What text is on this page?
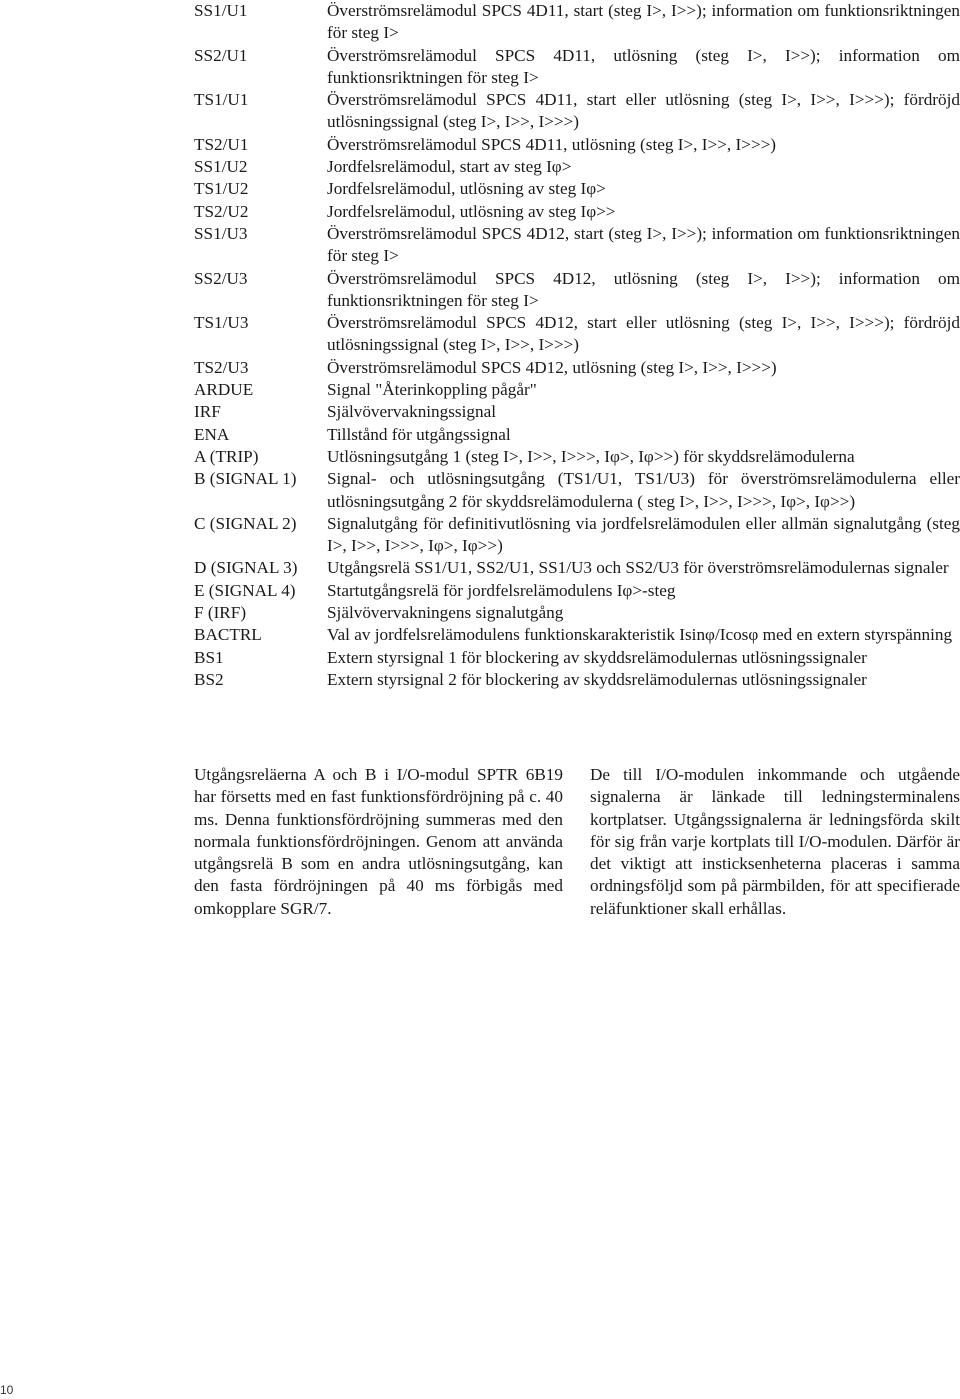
SS1/U1	Överströmsrelämodul SPCS 4D11, start (steg I>, I>>); information om funktionsriktningen för steg I>
SS2/U1	Överströmsrelämodul SPCS 4D11, utlösning (steg I>, I>>); information om funktionsriktningen för steg I>
TS1/U1	Överströmsrelämodul SPCS 4D11, start eller utlösning (steg I>, I>>, I>>>); fördröjd utlösningssignal (steg I>, I>>, I>>>)
TS2/U1	Överströmsrelämodul SPCS 4D11, utlösning (steg I>, I>>, I>>>)
SS1/U2	Jordfelsrelämodul, start av steg Iφ>
TS1/U2	Jordfelsrelämodul, utlösning av steg Iφ>
TS2/U2	Jordfelsrelämodul, utlösning av steg Iφ>>
SS1/U3	Överströmsrelämodul SPCS 4D12, start (steg I>, I>>); information om funktionsriktningen för steg I>
SS2/U3	Överströmsrelämodul SPCS 4D12, utlösning (steg I>, I>>); information om funktionsriktningen för steg I>
TS1/U3	Överströmsrelämodul SPCS 4D12, start eller utlösning (steg I>, I>>, I>>>); fördröjd utlösningssignal (steg I>, I>>, I>>>)
TS2/U3	Överströmsrelämodul SPCS 4D12, utlösning (steg I>, I>>, I>>>)
ARDUE	Signal "Återinkoppling pågår"
IRF	Självövervakningssignal
ENA	Tillstånd för utgångssignal
A (TRIP)	Utlösningsutgång 1 (steg I>, I>>, I>>>, Iφ>, Iφ>>) för skyddsrelämodulerna
B (SIGNAL 1)	Signal- och utlösningsutgång (TS1/U1, TS1/U3) för överströmsrelämodulerna eller utlösningsutgång 2 för skyddsrelämodulerna ( steg I>, I>>, I>>>, Iφ>, Iφ>>)
C (SIGNAL 2)	Signalutgång för definitivutlösning via jordfelsrelämodulen eller allmän signalutgång (steg I>, I>>, I>>>, Iφ>, Iφ>>)
D (SIGNAL 3)	Utgångsrelä SS1/U1, SS2/U1, SS1/U3 och SS2/U3 för överströmsrelämodulernas signaler
E (SIGNAL 4)	Startutgångsrelä för jordfelsrelämodulens Iφ>-steg
F (IRF)	Självövervakningens signalutgång
BACTRL	Val av jordfelsrelämodulens funktionskarakteristik Isinφ/Icosφ med en extern styrspänning
BS1	Extern styrsignal 1 för blockering av skyddsrelämodulernas utlösningssignaler
BS2	Extern styrsignal 2 för blockering av skyddsrelämodulernas utlösningssignaler

Utgångsreläerna A och B i I/O-modul SPTR 6B19 har försetts med en fast funktionsfördröjning på c. 40 ms. Denna funktionsfördröjning summeras med den normala funktionsfördröjningen. Genom att använda utgångsrelä B som en andra utlösningsutgång, kan den fasta fördröjningen på 40 ms förbigås med omkopplare SGR/7.

De till I/O-modulen inkommande och utgående signalerna är länkade till ledningsterminalens kortplatser. Utgångssignalerna är ledningsförda skilt för sig från varje kortplats till I/O-modulen. Därför är det viktigt att insticksenheterna placeras i samma ordningsföljd som på pärmbilden, för att specifierade reläfunktioner skall erhållas.

10
